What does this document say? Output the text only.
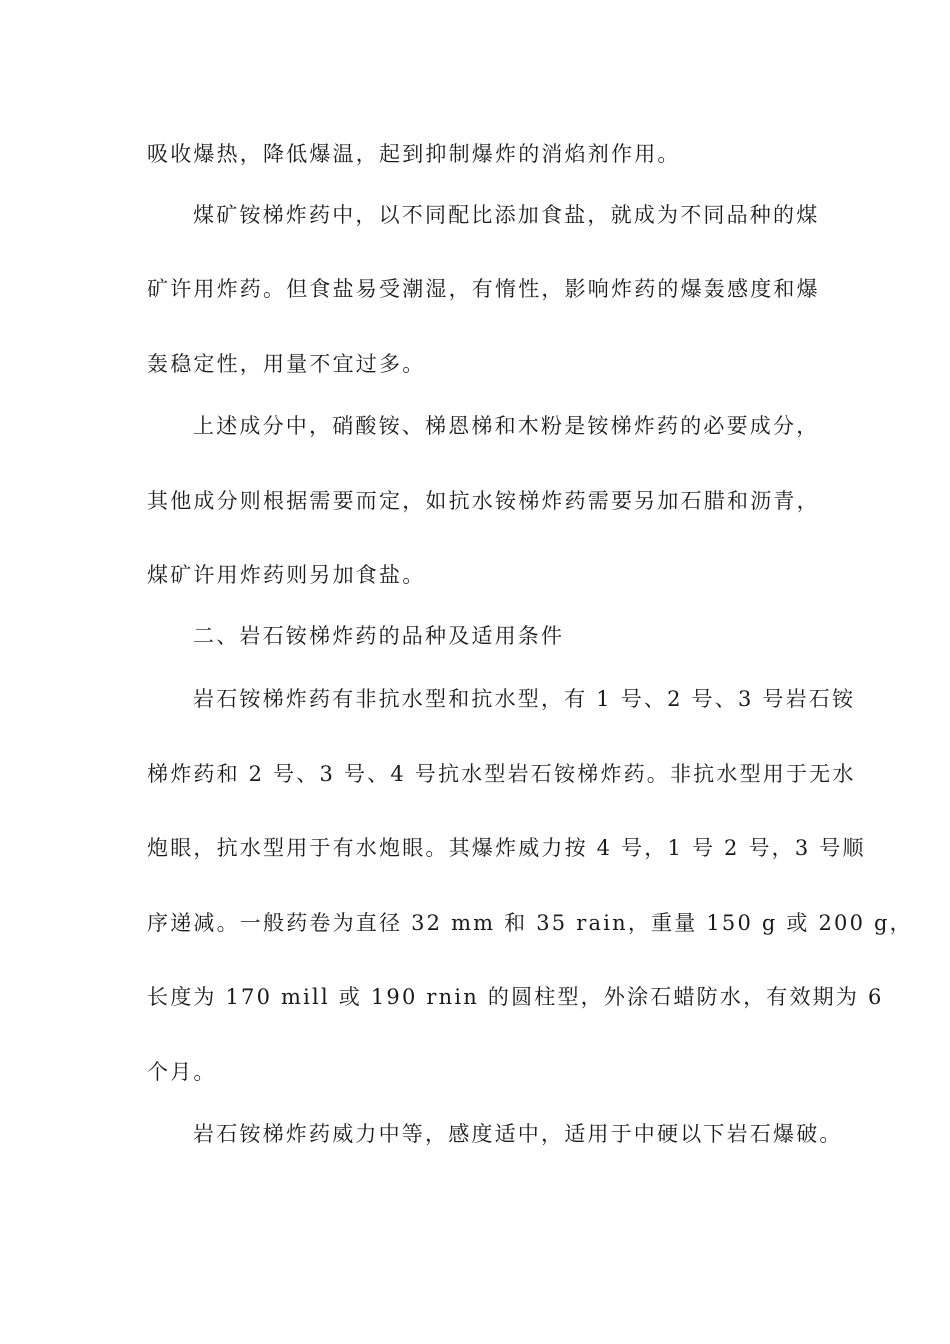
吸收爆热，降低爆温，起到抑制爆炸的消焰剂作用。
煤矿铵梯炸药中，以不同配比添加食盐，就成为不同品种的煤
矿许用炸药。但食盐易受潮湿，有惰性，影响炸药的爆轰感度和爆
轰稳定性，用量不宜过多。
上述成分中，硝酸铵、梯恩梯和木粉是铵梯炸药的必要成分，
其他成分则根据需要而定，如抗水铵梯炸药需要另加石腊和沥青，
煤矿许用炸药则另加食盐。
二、岩石铵梯炸药的品种及适用条件
岩石铵梯炸药有非抗水型和抗水型，有 1 号、2 号、3 号岩石铵
梯炸药和 2 号、3 号、4 号抗水型岩石铵梯炸药。非抗水型用于无水
炮眼，抗水型用于有水炮眼。其爆炸威力按 4 号，1 号 2 号，3 号顺
序递减。一般药卷为直径 32 mm 和 35 rain，重量 150 g 或 200 g，
长度为 170 mill 或 190 rnin 的圆柱型，外涂石蜡防水，有效期为 6
个月。
岩石铵梯炸药威力中等，感度适中，适用于中硬以下岩石爆破。
